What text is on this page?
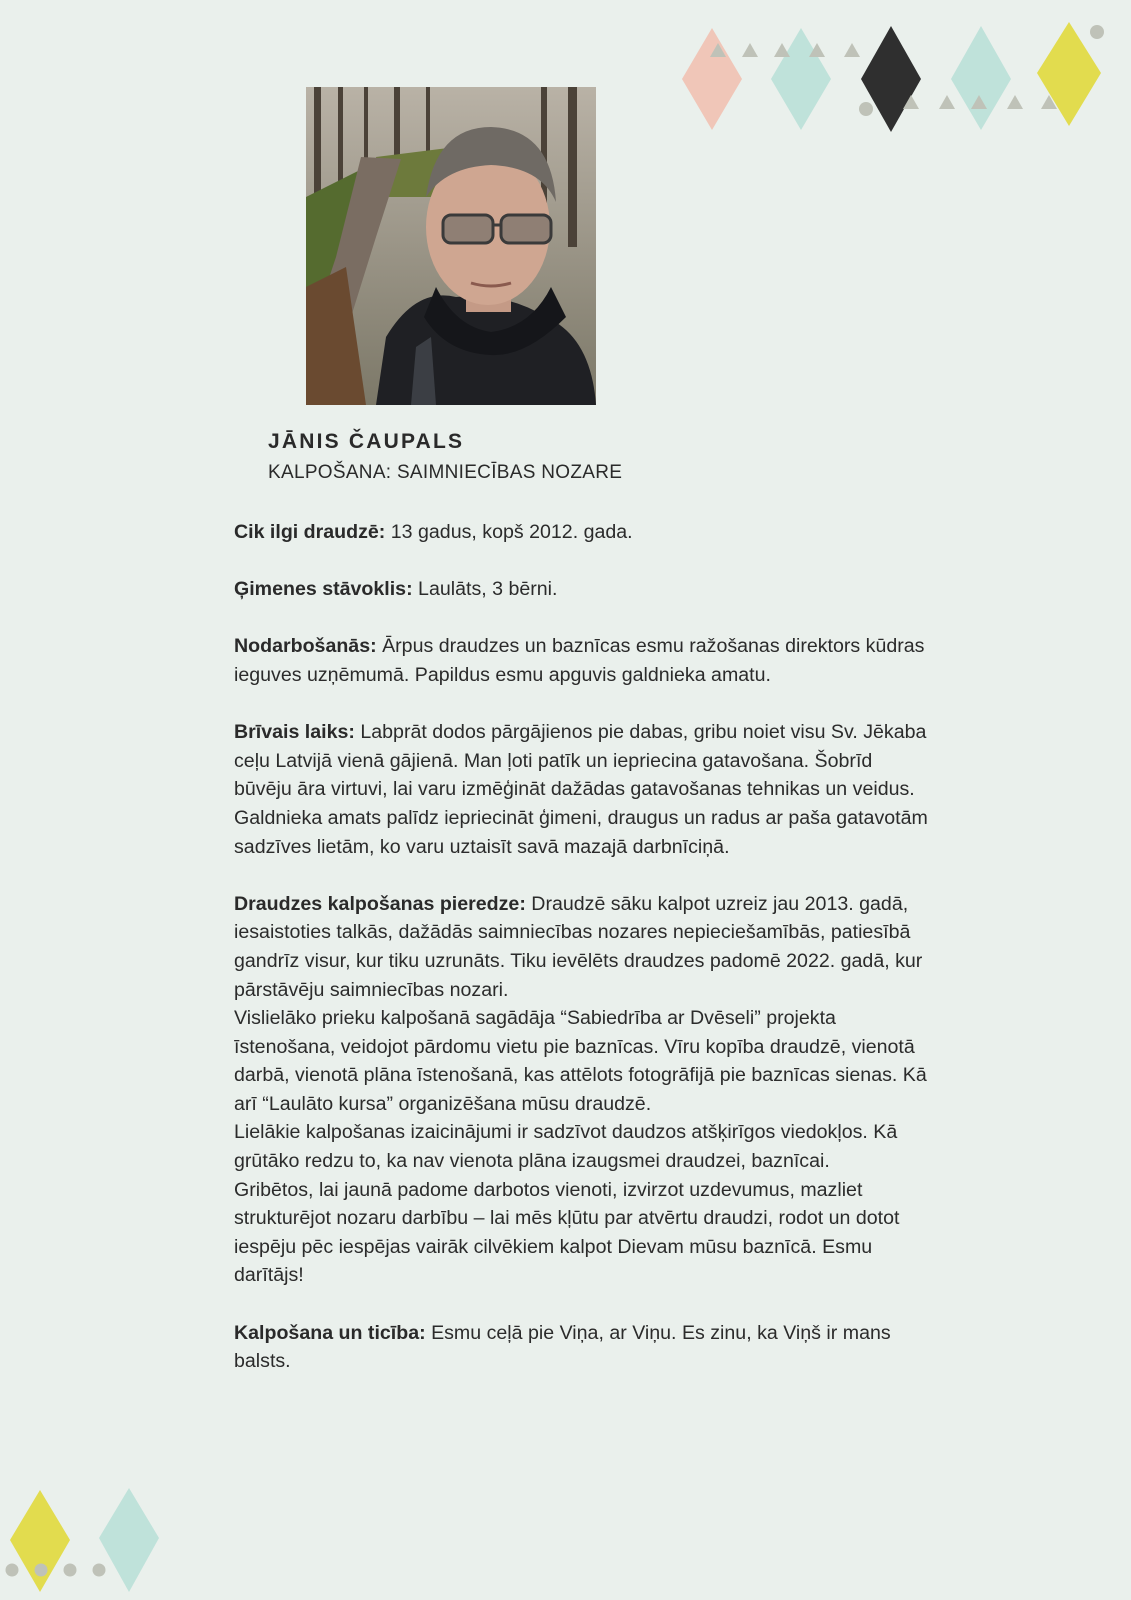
JĀNIS ČAUPALS
KALPOŠANA: SAIMNIECĪBAS NOZARE

Cik ilgi draudzē: 13 gadus, kopš 2012. gada.

Ģimenes stāvoklis: Laulāts, 3 bērni.

Nodarbošanās: Ārpus draudzes un baznīcas esmu ražošanas direktors kūdras ieguves uzņēmumā. Papildus esmu apguvis galdnieka amatu.

Brīvais laiks: Labprāt dodos pārgājienos pie dabas, gribu noiet visu Sv. Jēkaba ceļu Latvijā vienā gājienā. Man ļoti patīk un iepriecina gatavošana. Šobrīd būvēju āra virtuvi, lai varu izmēģināt dažādas gatavošanas tehnikas un veidus. Galdnieka amats palīdz iepriecināt ģimeni, draugus un radus ar paša gatavotām sadzīves lietām, ko varu uztaisīt savā mazajā darbnīciņā.

Draudzes kalpošanas pieredze: Draudzē sāku kalpot uzreiz jau 2013. gadā, iesaistoties talkās, dažādās saimniecības nozares nepieciešamībās, patiesībā gandrīz visur, kur tiku uzrunāts. Tiku ievēlēts draudzes padomē 2022. gadā, kur pārstāvēju saimniecības nozari.

Vislielāko prieku kalpošanā sagādāja “Sabiedrība ar Dvēseli” projekta īstenošana, veidojot pārdomu vietu pie baznīcas. Vīru kopība draudzē, vienotā darbā, vienotā plāna īstenošanā, kas attēlots fotogrāfijā pie baznīcas sienas. Kā arī “Laulāto kursa” organizēšana mūsu draudzē.

Lielākie kalpošanas izaicinājumi ir sadzīvot daudzos atšķirīgos viedokļos. Kā grūtāko redzu to, ka nav vienota plāna izaugsmei draudzei, baznīcai.

Gribētos, lai jaunā padome darbotos vienoti, izvirzot uzdevumus, mazliet strukturējot nozaru darbību – lai mēs kļūtu par atvērtu draudzi, rodot un dotot iespēju pēc iespējas vairāk cilvēkiem kalpot Dievam mūsu baznīcā. Esmu darītājs!

Kalpošana un ticība: Esmu ceļā pie Viņa, ar Viņu. Es zinu, ka Viņš ir mans balsts.
